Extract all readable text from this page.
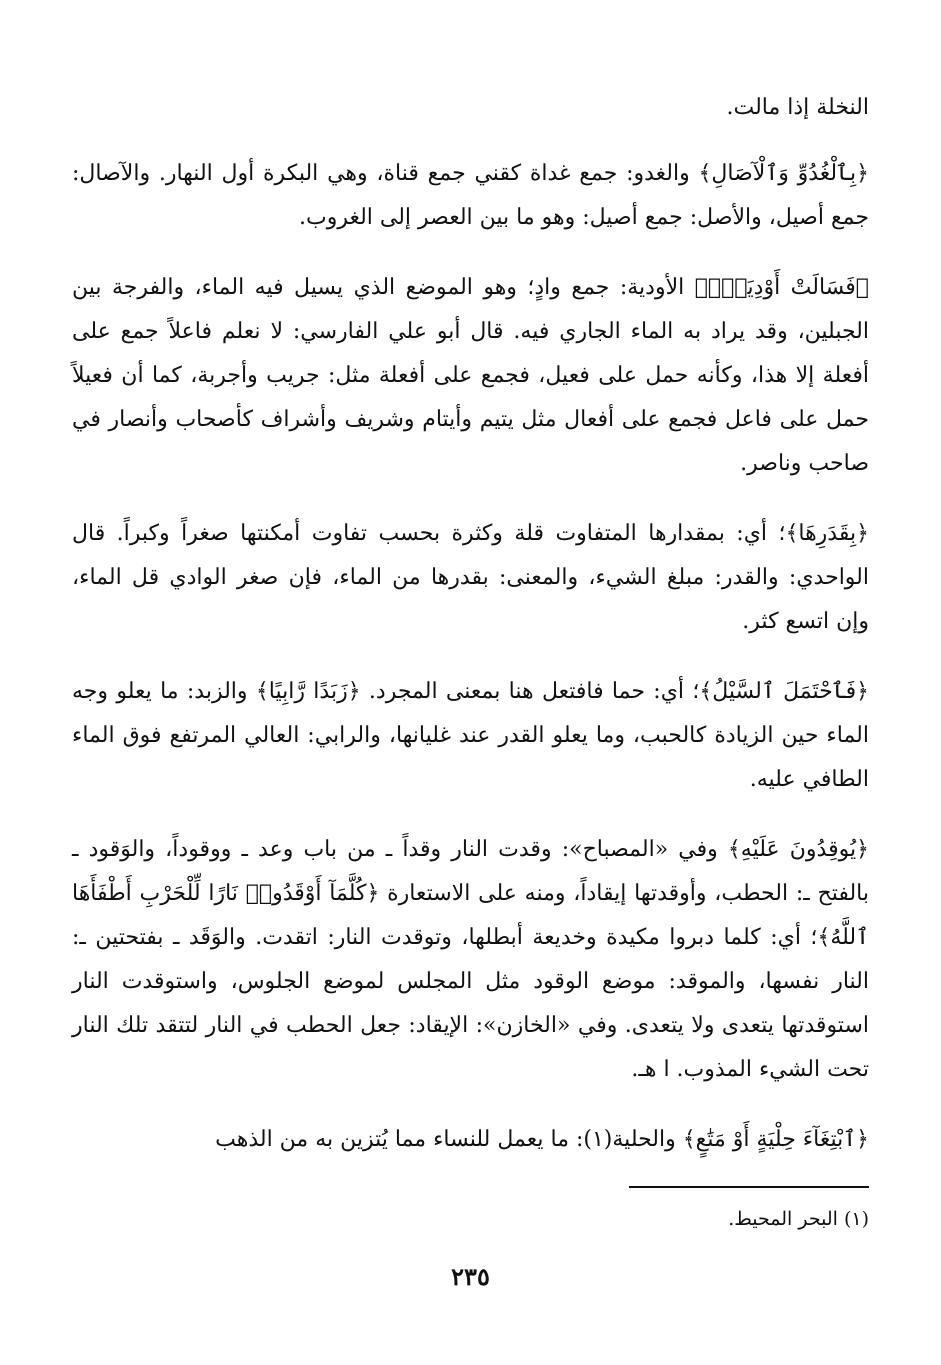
النخلة إذا مالت.

﴿بِٱلْغُدُوِّ وَٱلْآصَالِ﴾ والغدو: جمع غداة كقني جمع قناة، وهي البكرة أول النهار. والآصال: جمع أصيل، والأصل: جمع أصيل: وهو ما بين العصر إلى الغروب.

﴿فَسَالَتْ أَوْدِيَةٌۢ﴾ الأودية: جمع وادٍ؛ وهو الموضع الذي يسيل فيه الماء، والفرجة بين الجبلين، وقد يراد به الماء الجاري فيه. قال أبو علي الفارسي: لا نعلم فاعلاً جمع على أفعلة إلا هذا، وكأنه حمل على فعيل، فجمع على أفعلة مثل: جريب وأجربة، كما أن فعيلاً حمل على فاعل فجمع على أفعال مثل يتيم وأيتام وشريف وأشراف كأصحاب وأنصار في صاحب وناصر.

﴿بِقَدَرِهَا﴾؛ أي: بمقدارها المتفاوت قلة وكثرة بحسب تفاوت أمكنتها صغراً وكبراً. قال الواحدي: والقدر: مبلغ الشيء، والمعنى: بقدرها من الماء، فإن صغر الوادي قل الماء، وإن اتسع كثر.

﴿فَٱحْتَمَلَ ٱلسَّيْلُ﴾؛ أي: حما فافتعل هنا بمعنى المجرد. ﴿زَبَدًا رَّابِيًا﴾ والزبد: ما يعلو وجه الماء حين الزيادة كالحبب، وما يعلو القدر عند غليانها، والرابي: العالي المرتفع فوق الماء الطافي عليه.

﴿يُوقِدُونَ عَلَيْهِ﴾ وفي «المصباح»: وقدت النار وقداً ـ من باب وعد ـ ووقوداً، والوَقود ـ بالفتح ـ: الحطب، وأوقدتها إيقاداً، ومنه على الاستعارة ﴿كُلَّمَآ أَوْقَدُوا۟ نَارًا لِّلْحَرْبِ أَطْفَأَهَا ٱللَّهُ﴾؛ أي: كلما دبروا مكيدة وخديعة أبطلها، وتوقدت النار: اتقدت. والوَقَد ـ بفتحتين ـ: النار نفسها، والموقد: موضع الوقود مثل المجلس لموضع الجلوس، واستوقدت النار استوقدتها يتعدى ولا يتعدى. وفي «الخازن»: الإيقاد: جعل الحطب في النار لتتقد تلك النار تحت الشيء المذوب. ا هـ.

﴿ٱبْتِغَآءَ حِلْيَةٍ أَوْ مَتَٰعٍ﴾ والحلية(١): ما يعمل للنساء مما يُتزين به من الذهب

(١) البحر المحيط.

٢٣٥
